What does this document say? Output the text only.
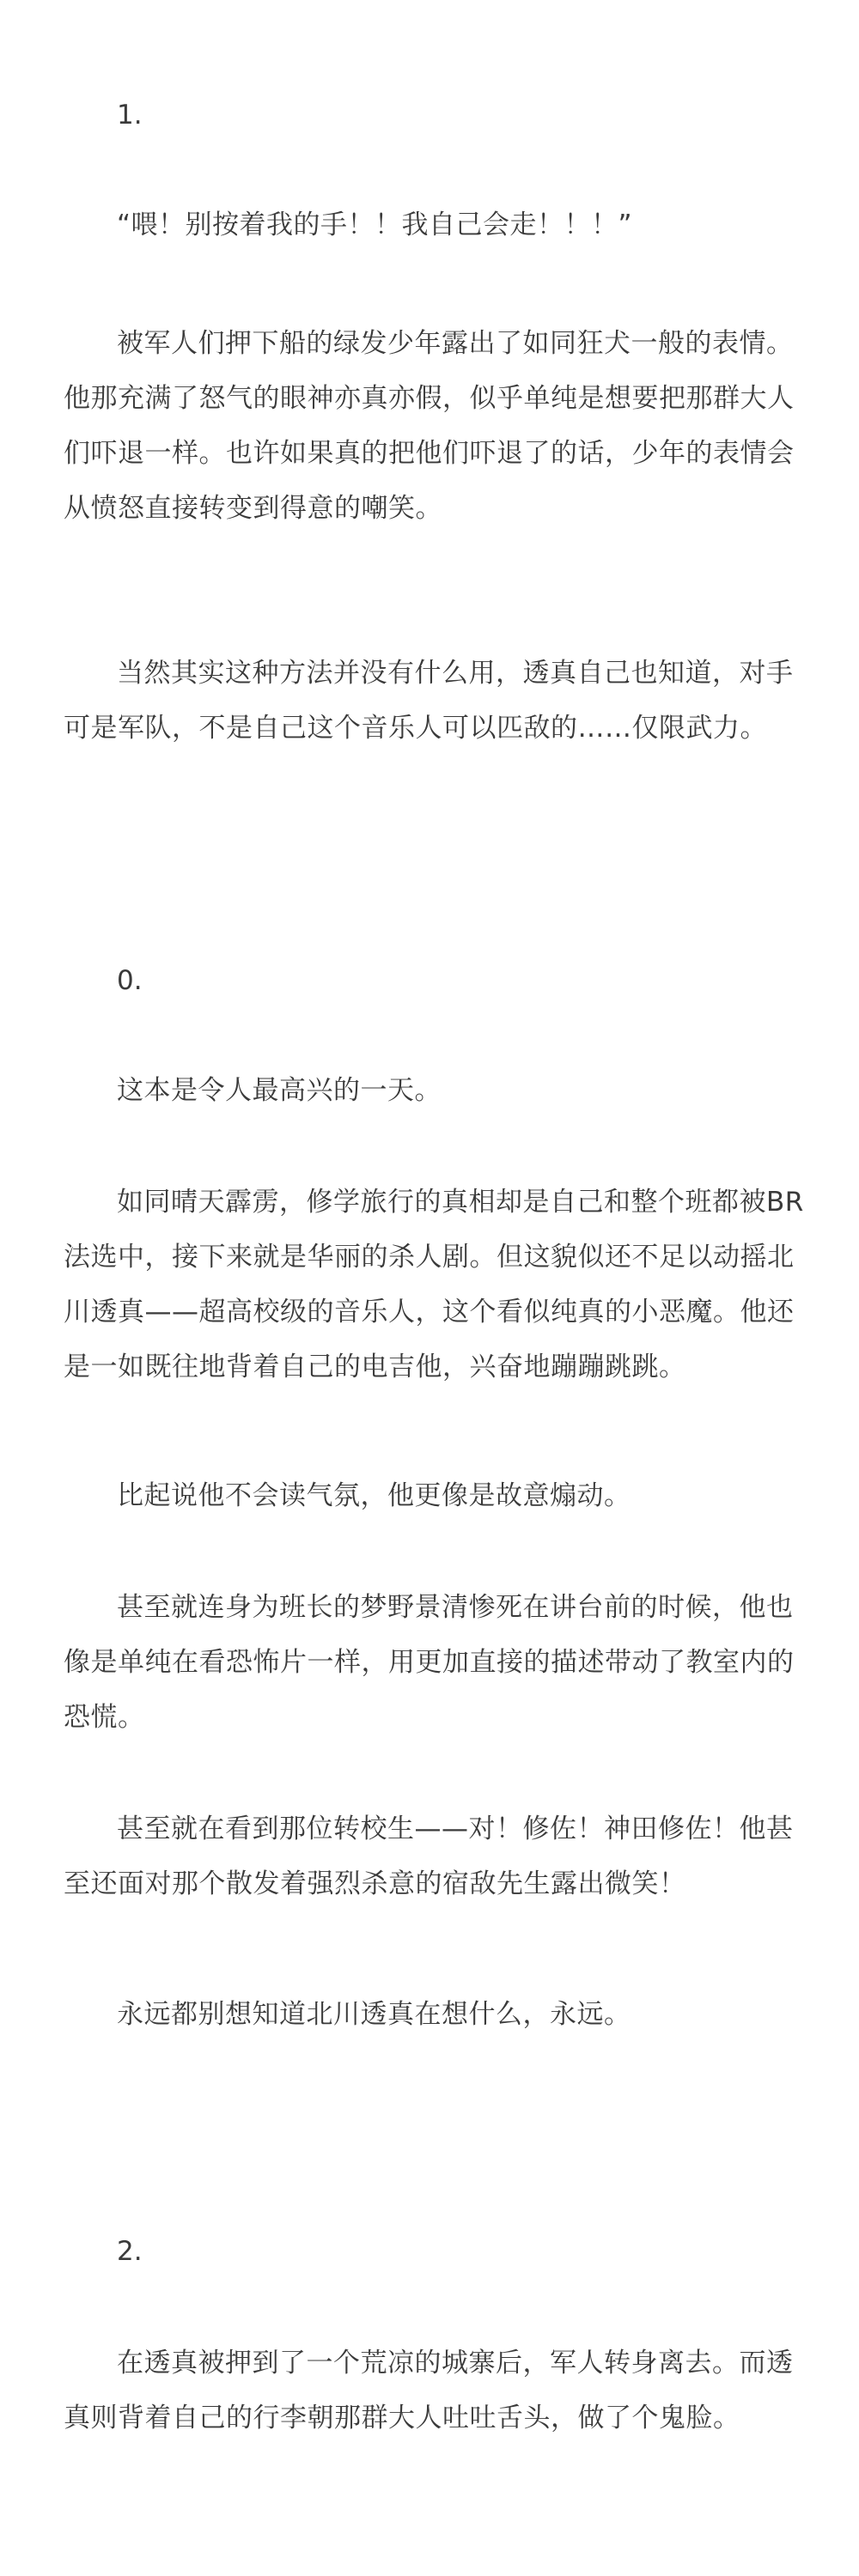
1.

“喂！别按着我的手！！我自己会走！！！”

被军人们押下船的绿发少年露出了如同狂犬一般的表情。他那充满了怒气的眼神亦真亦假，似乎单纯是想要把那群大人们吓退一样。也许如果真的把他们吓退了的话，少年的表情会从愤怒直接转变到得意的嘲笑。

当然其实这种方法并没有什么用，透真自己也知道，对手可是军队，不是自己这个音乐人可以匹敌的……仅限武力。

0.

这本是令人最高兴的一天。

如同晴天霹雳，修学旅行的真相却是自己和整个班都被BR法选中，接下来就是华丽的杀人剧。但这貌似还不足以动摇北川透真——超高校级的音乐人，这个看似纯真的小恶魔。他还是一如既往地背着自己的电吉他，兴奋地蹦蹦跳跳。

比起说他不会读气氛，他更像是故意煽动。

甚至就连身为班长的梦野景清惨死在讲台前的时候，他也像是单纯在看恐怖片一样，用更加直接的描述带动了教室内的恐慌。

甚至就在看到那位转校生——对！修佐！神田修佐！他甚至还面对那个散发着强烈杀意的宿敌先生露出微笑！

永远都别想知道北川透真在想什么，永远。

2.

在透真被押到了一个荒凉的城寨后，军人转身离去。而透真则背着自己的行李朝那群大人吐吐舌头，做了个鬼脸。
